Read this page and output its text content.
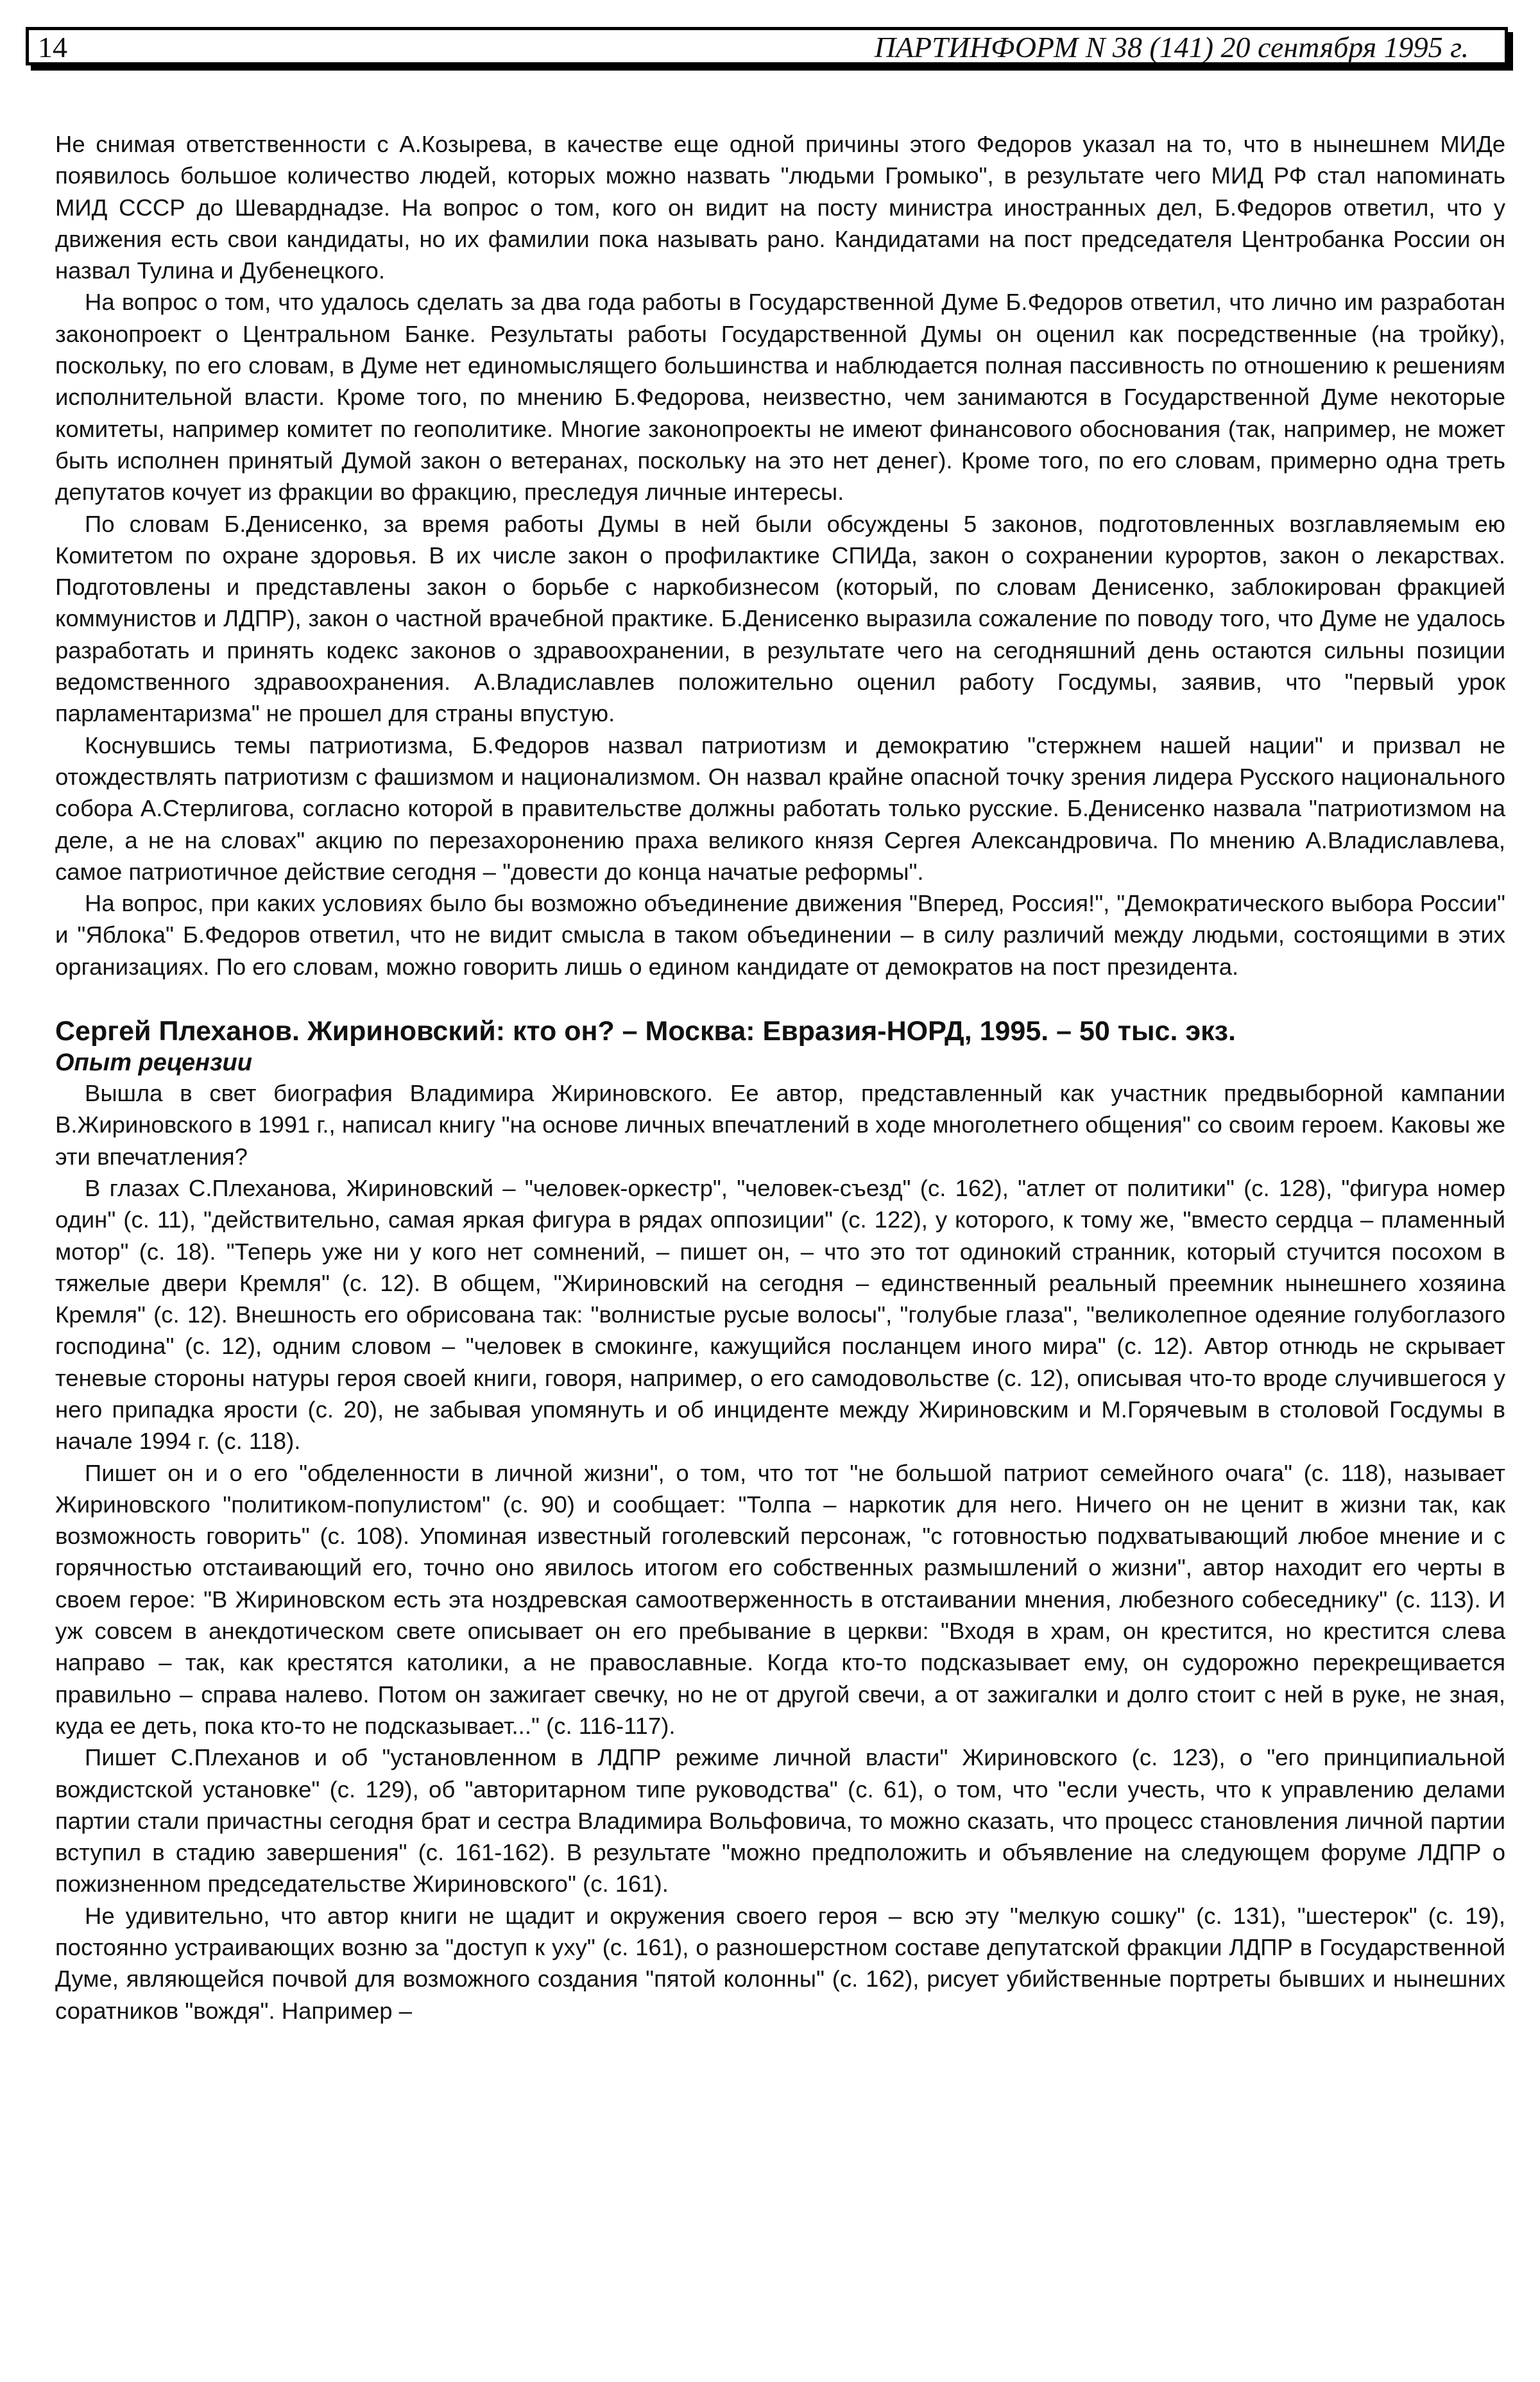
14	ПАРТИНФОРМ N 38 (141) 20 сентября 1995 г.

Не снимая ответственности с А.Козырева, в качестве еще одной причины этого Федоров указал на то, что в нынешнем МИДе появилось большое количество людей, которых можно назвать "людьми Громыко", в результате чего МИД РФ стал напоминать МИД СССР до Шеварднадзе. На вопрос о том, кого он видит на посту министра иностранных дел, Б.Федоров ответил, что у движения есть свои кандидаты, но их фамилии пока называть рано. Кандидатами на пост председателя Центробанка России он назвал Тулина и Дубенецкого.

На вопрос о том, что удалось сделать за два года работы в Государственной Думе Б.Федоров ответил, что лично им разработан законопроект о Центральном Банке. Результаты работы Государственной Думы он оценил как посредственные (на тройку), поскольку, по его словам, в Думе нет единомыслящего большинства и наблюдается полная пассивность по отношению к решениям исполнительной власти. Кроме того, по мнению Б.Федорова, неизвестно, чем занимаются в Государственной Думе некоторые комитеты, например комитет по геополитике. Многие законопроекты не имеют финансового обоснования (так, например, не может быть исполнен принятый Думой закон о ветеранах, поскольку на это нет денег). Кроме того, по его словам, примерно одна треть депутатов кочует из фракции во фракцию, преследуя личные интересы.

По словам Б.Денисенко, за время работы Думы в ней были обсуждены 5 законов, подготовленных возглавляемым ею Комитетом по охране здоровья. В их числе закон о профилактике СПИДа, закон о сохранении курортов, закон о лекарствах. Подготовлены и представлены закон о борьбе с наркобизнесом (который, по словам Денисенко, заблокирован фракцией коммунистов и ЛДПР), закон о частной врачебной практике. Б.Денисенко выразила сожаление по поводу того, что Думе не удалось разработать и принять кодекс законов о здравоохранении, в результате чего на сегодняшний день остаются сильны позиции ведомственного здравоохранения. А.Владиславлев положительно оценил работу Госдумы, заявив, что "первый урок парламентаризма" не прошел для страны впустую.

Коснувшись темы патриотизма, Б.Федоров назвал патриотизм и демократию "стержнем нашей нации" и призвал не отождествлять патриотизм с фашизмом и национализмом. Он назвал крайне опасной точку зрения лидера Русского национального собора А.Стерлигова, согласно которой в правительстве должны работать только русские. Б.Денисенко назвала "патриотизмом на деле, а не на словах" акцию по перезахоронению праха великого князя Сергея Александровича. По мнению А.Владиславлева, самое патриотичное действие сегодня – "довести до конца начатые реформы".

На вопрос, при каких условиях было бы возможно объединение движения "Вперед, Россия!", "Демократического выбора России" и "Яблока" Б.Федоров ответил, что не видит смысла в таком объединении – в силу различий между людьми, состоящими в этих организациях. По его словам, можно говорить лишь о едином кандидате от демократов на пост президента.

Сергей Плеханов. Жириновский: кто он? – Москва: Евразия-НОРД, 1995. – 50 тыс. экз.
Опыт рецензии

Вышла в свет биография Владимира Жириновского. Ее автор, представленный как участник предвыборной кампании В.Жириновского в 1991 г., написал книгу "на основе личных впечатлений в ходе многолетнего общения" со своим героем. Каковы же эти впечатления?

В глазах С.Плеханова, Жириновский – "человек-оркестр", "человек-съезд" (с. 162), "атлет от политики" (с. 128), "фигура номер один" (с. 11), "действительно, самая яркая фигура в рядах оппозиции" (с. 122), у которого, к тому же, "вместо сердца – пламенный мотор" (с. 18). "Теперь уже ни у кого нет сомнений, – пишет он, – что это тот одинокий странник, который стучится посохом в тяжелые двери Кремля" (с. 12). В общем, "Жириновский на сегодня – единственный реальный преемник нынешнего хозяина Кремля" (с. 12). Внешность его обрисована так: "волнистые русые волосы", "голубые глаза", "великолепное одеяние голубоглазого господина" (с. 12), одним словом – "человек в смокинге, кажущийся посланцем иного мира" (с. 12). Автор отнюдь не скрывает теневые стороны натуры героя своей книги, говоря, например, о его самодовольстве (с. 12), описывая что-то вроде случившегося у него припадка ярости (с. 20), не забывая упомянуть и об инциденте между Жириновским и М.Горячевым в столовой Госдумы в начале 1994 г. (с. 118).

Пишет он и о его "обделенности в личной жизни", о том, что тот "не большой патриот семейного очага" (с. 118), называет Жириновского "политиком-популистом" (с. 90) и сообщает: "Толпа – наркотик для него. Ничего он не ценит в жизни так, как возможность говорить" (с. 108). Упоминая известный гоголевский персонаж, "с готовностью подхватывающий любое мнение и с горячностью отстаивающий его, точно оно явилось итогом его собственных размышлений о жизни", автор находит его черты в своем герое: "В Жириновском есть эта ноздревская самоотверженность в отстаивании мнения, любезного собеседнику" (с. 113). И уж совсем в анекдотическом свете описывает он его пребывание в церкви: "Входя в храм, он крестится, но крестится слева направо – так, как крестятся католики, а не православные. Когда кто-то подсказывает ему, он судорожно перекрещивается правильно – справа налево. Потом он зажигает свечку, но не от другой свечи, а от зажигалки и долго стоит с ней в руке, не зная, куда ее деть, пока кто-то не подсказывает..." (с. 116-117).

Пишет С.Плеханов и об "установленном в ЛДПР режиме личной власти" Жириновского (с. 123), о "его принципиальной вождистской установке" (с. 129), об "авторитарном типе руководства" (с. 61), о том, что "если учесть, что к управлению делами партии стали причастны сегодня брат и сестра Владимира Вольфовича, то можно сказать, что процесс становления личной партии вступил в стадию завершения" (с. 161-162). В результате "можно предположить и объявление на следующем форуме ЛДПР о пожизненном председательстве Жириновского" (с. 161).

Не удивительно, что автор книги не щадит и окружения своего героя – всю эту "мелкую сошку" (с. 131), "шестерок" (с. 19), постоянно устраивающих возню за "доступ к уху" (с. 161), о разношерстном составе депутатской фракции ЛДПР в Государственной Думе, являющейся почвой для возможного создания "пятой колонны" (с. 162), рисует убийственные портреты бывших и нынешних соратников "вождя". Например –
